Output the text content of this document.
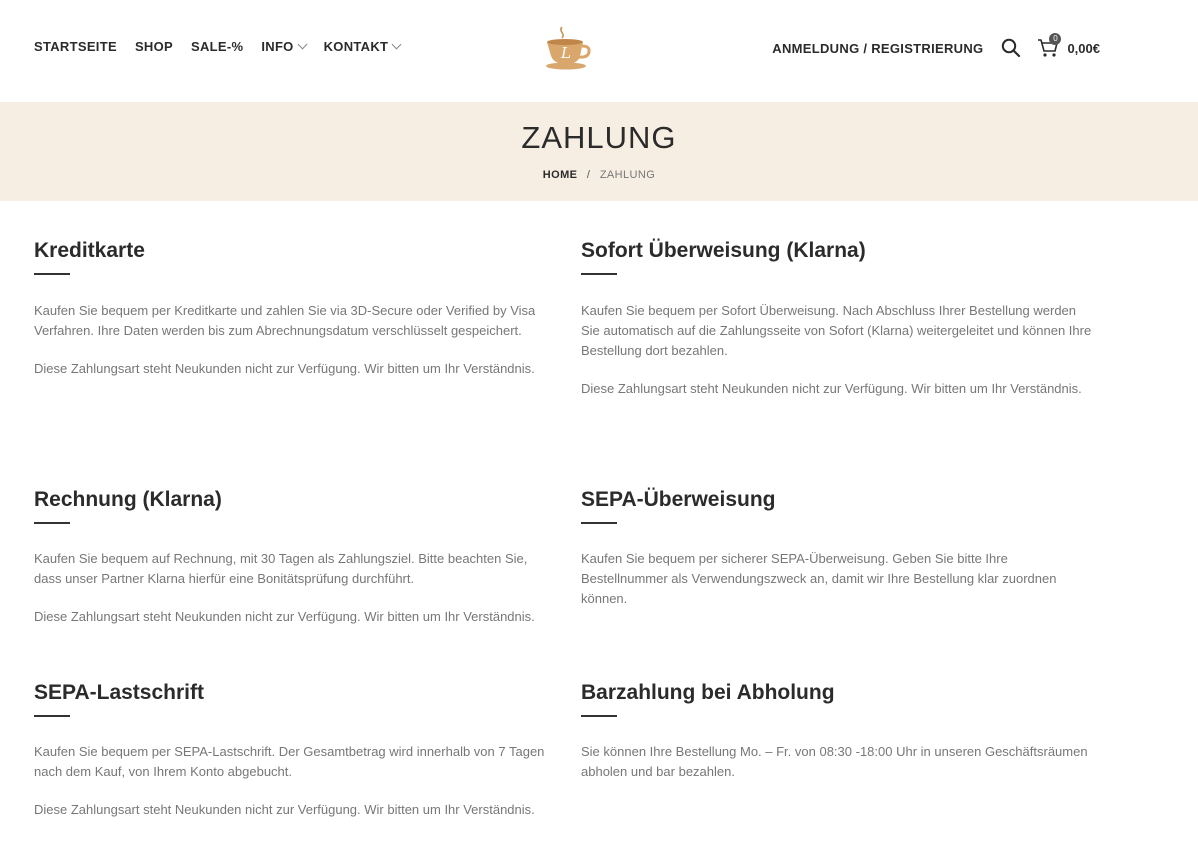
STARTSEITE SHOP SALE-% INFO KONTAKT	L	ANMELDUNG / REGISTRIERUNG
0
0,00€
ZAHLUNG
HOME / ZAHLUNG
Kreditkarte

Kaufen Sie bequem per Kreditkarte und zahlen Sie via 3D-Secure oder Verified by Visa Verfahren. Ihre Daten werden bis zum Abrechnungsdatum verschlüsselt gespeichert.

Diese Zahlungsart steht Neukunden nicht zur Verfügung. Wir bitten um Ihr Verständnis.

Sofort Überweisung (Klarna)

Kaufen Sie bequem per Sofort Überweisung. Nach Abschluss Ihrer Bestellung werden Sie automatisch auf die Zahlungsseite von Sofort (Klarna) weitergeleitet und können Ihre Bestellung dort bezahlen.

Diese Zahlungsart steht Neukunden nicht zur Verfügung. Wir bitten um Ihr Verständnis.

Rechnung (Klarna)

Kaufen Sie bequem auf Rechnung, mit 30 Tagen als Zahlungsziel. Bitte beachten Sie, dass unser Partner Klarna hierfür eine Bonitätsprüfung durchführt.

Diese Zahlungsart steht Neukunden nicht zur Verfügung. Wir bitten um Ihr Verständnis.

SEPA-Überweisung

Kaufen Sie bequem per sicherer SEPA-Überweisung. Geben Sie bitte Ihre Bestellnummer als Verwendungszweck an, damit wir Ihre Bestellung klar zuordnen können.

SEPA-Lastschrift

Kaufen Sie bequem per SEPA-Lastschrift. Der Gesamtbetrag wird innerhalb von 7 Tagen nach dem Kauf, von Ihrem Konto abgebucht.

Diese Zahlungsart steht Neukunden nicht zur Verfügung. Wir bitten um Ihr Verständnis.

Barzahlung bei Abholung

Sie können Ihre Bestellung Mo. – Fr. von 08:30 -18:00 Uhr in unseren Geschäftsräumen abholen und bar bezahlen.
